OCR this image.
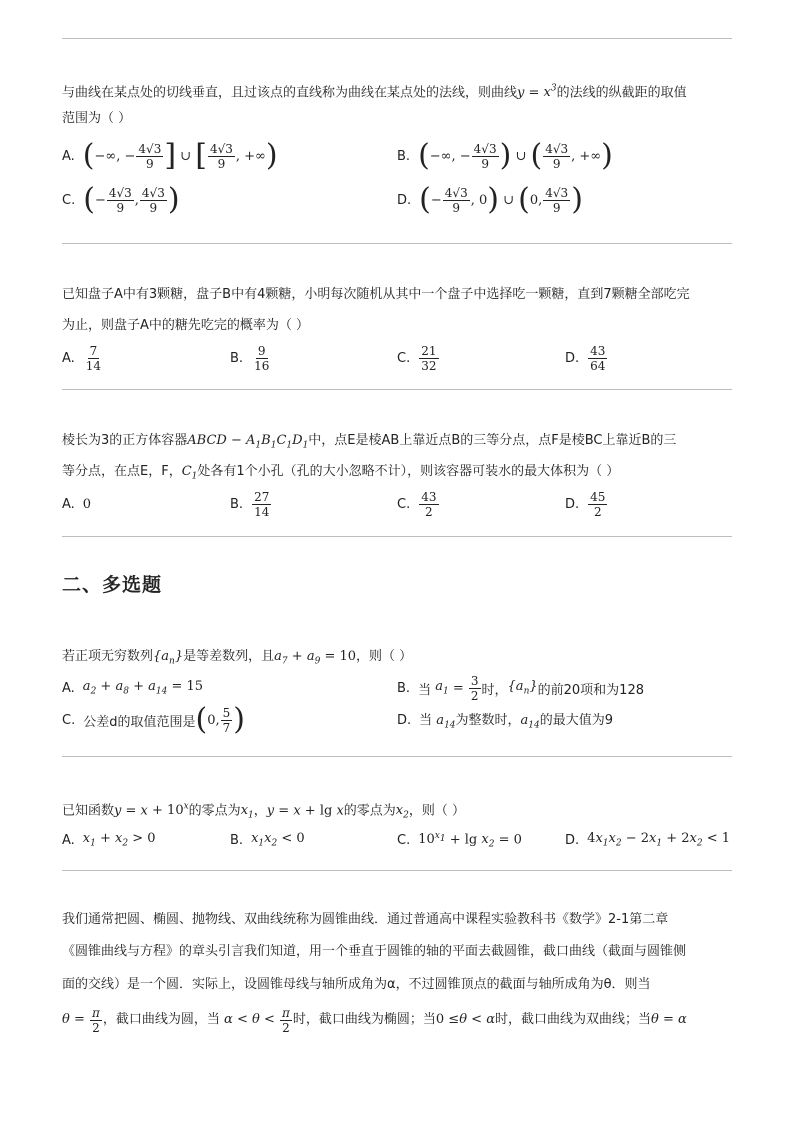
与曲线在某点处的切线垂直，且过该点的直线称为曲线在某点处的法线，则曲线$y = x^3$的法线的纵截距的取值
范围为（ ）
A. ( −∞, − $\frac{4√3}{9}$ ] ∪ [ $\frac{4√3}{9}$ , +∞ )	B. ( −∞, − $\frac{4√3}{9}$ ) ∪ ( $\frac{4√3}{9}$ , +∞ )
C. ( − $\frac{4√3}{9}$ , $\frac{4√3}{9}$ )	D. ( − $\frac{4√3}{9}$ , 0 ) ∪ ( 0, $\frac{4√3}{9}$ )
已知盘子A中有3颗糖，盘子B中有4颗糖，小明每次随机从其中一个盘子中选择吃一颗糖，直到7颗糖全部吃完
为止，则盘子A中的糖先吃完的概率为（ ）
A. $\frac{7}{14}$	B. $\frac{9}{16}$	C. $\frac{21}{32}$	D. $\frac{43}{64}$
棱长为3的正方体容器ABCD − $A_1B_1C_1D_1$中，点E是棱AB上靠近点B的三等分点，点F是棱BC上靠近B的三
等分点，在点E，F，$C_1$处各有1个小孔（孔的大小忽略不计），则该容器可装水的最大体积为（ ）
A. 0	B. $\frac{27}{14}$	C. $\frac{43}{2}$	D. $\frac{45}{2}$
二、多选题
若正项无穷数列$\{a_n\}$是等差数列，且$a_7 + a_9 = 10$，则（ ）
A. $a_2 + a_8 + a_{14} = 15$	B. 当 $a_1 = \frac{3}{2}$ 时， $\{a_n\}$ 的前20项和为128
C. 公差d的取值范围是 ( 0, $\frac{5}{7}$ )	D. 当 $a_{14}$为整数时，$a_{14}$的最大值为9
已知函数$y = x + 10^x$的零点为$x_1$，y = x + lg x的零点为$x_2$，则（ ）
A. $x_1 + x_2 > 0$	B. $x_1x_2 < 0$	C. $10^{x_1} + \lg x_2 = 0$	D. $4x_1x_2 - 2x_1 + 2x_2 < 1$
我们通常把圆、椭圆、抛物线、双曲线统称为圆锥曲线．通过普通高中课程实验教科书《数学》2-1第二章
《圆锥曲线与方程》的章头引言我们知道，用一个垂直于圆锥的轴的平面去截圆锥，截口曲线（截面与圆锥侧
面的交线）是一个圆．实际上，设圆锥母线与轴所成角为α，不过圆锥顶点的截面与轴所成角为θ．则当
$\theta = \frac{\pi}{2}$ ，截口曲线为圆，当 $\alpha < \theta < \frac{\pi}{2}$ 时，截口曲线为椭圆；当 0 ≤ θ < α 时，截口曲线为双曲线；当 θ = α
